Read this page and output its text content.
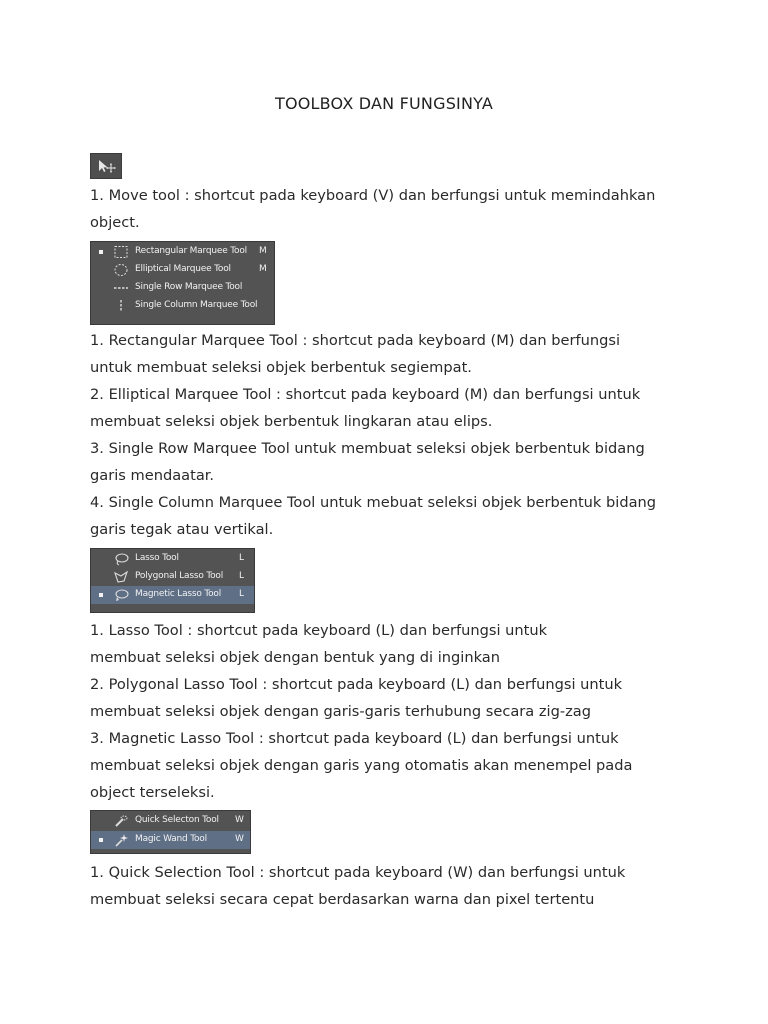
TOOLBOX DAN FUNGSINYA
1. Move tool : shortcut pada keyboard (V) dan berfungsi untuk memindahkan
object.
Rectangular Marquee Tool M
Elliptical Marquee Tool	M
Single Row Marquee Tool
Single Column Marquee Tool
1. Rectangular Marquee Tool : shortcut pada keyboard (M) dan berfungsi
untuk membuat seleksi objek berbentuk segiempat.
2. Elliptical Marquee Tool : shortcut pada keyboard (M) dan berfungsi untuk
membuat seleksi objek berbentuk lingkaran atau elips.
3. Single Row Marquee Tool untuk membuat seleksi objek berbentuk bidang
garis mendaatar.
4. Single Column Marquee Tool untuk mebuat seleksi objek berbentuk bidang
garis tegak atau vertikal.
Lasso Tool	L
Polygonal Lasso Tool L
Magnetic Lasso Tool L
1. Lasso Tool : shortcut pada keyboard (L) dan berfungsi untuk
membuat seleksi objek dengan bentuk yang di inginkan
2. Polygonal Lasso Tool : shortcut pada keyboard (L) dan berfungsi untuk
membuat seleksi objek dengan garis-garis terhubung secara zig-zag
3. Magnetic Lasso Tool : shortcut pada keyboard (L) dan berfungsi untuk
membuat seleksi objek dengan garis yang otomatis akan menempel pada
object terseleksi.
Quick Selecton Tool W
Magic Wand Tool	W
1. Quick Selection Tool : shortcut pada keyboard (W) dan berfungsi untuk
membuat seleksi secara cepat berdasarkan warna dan pixel tertentu
